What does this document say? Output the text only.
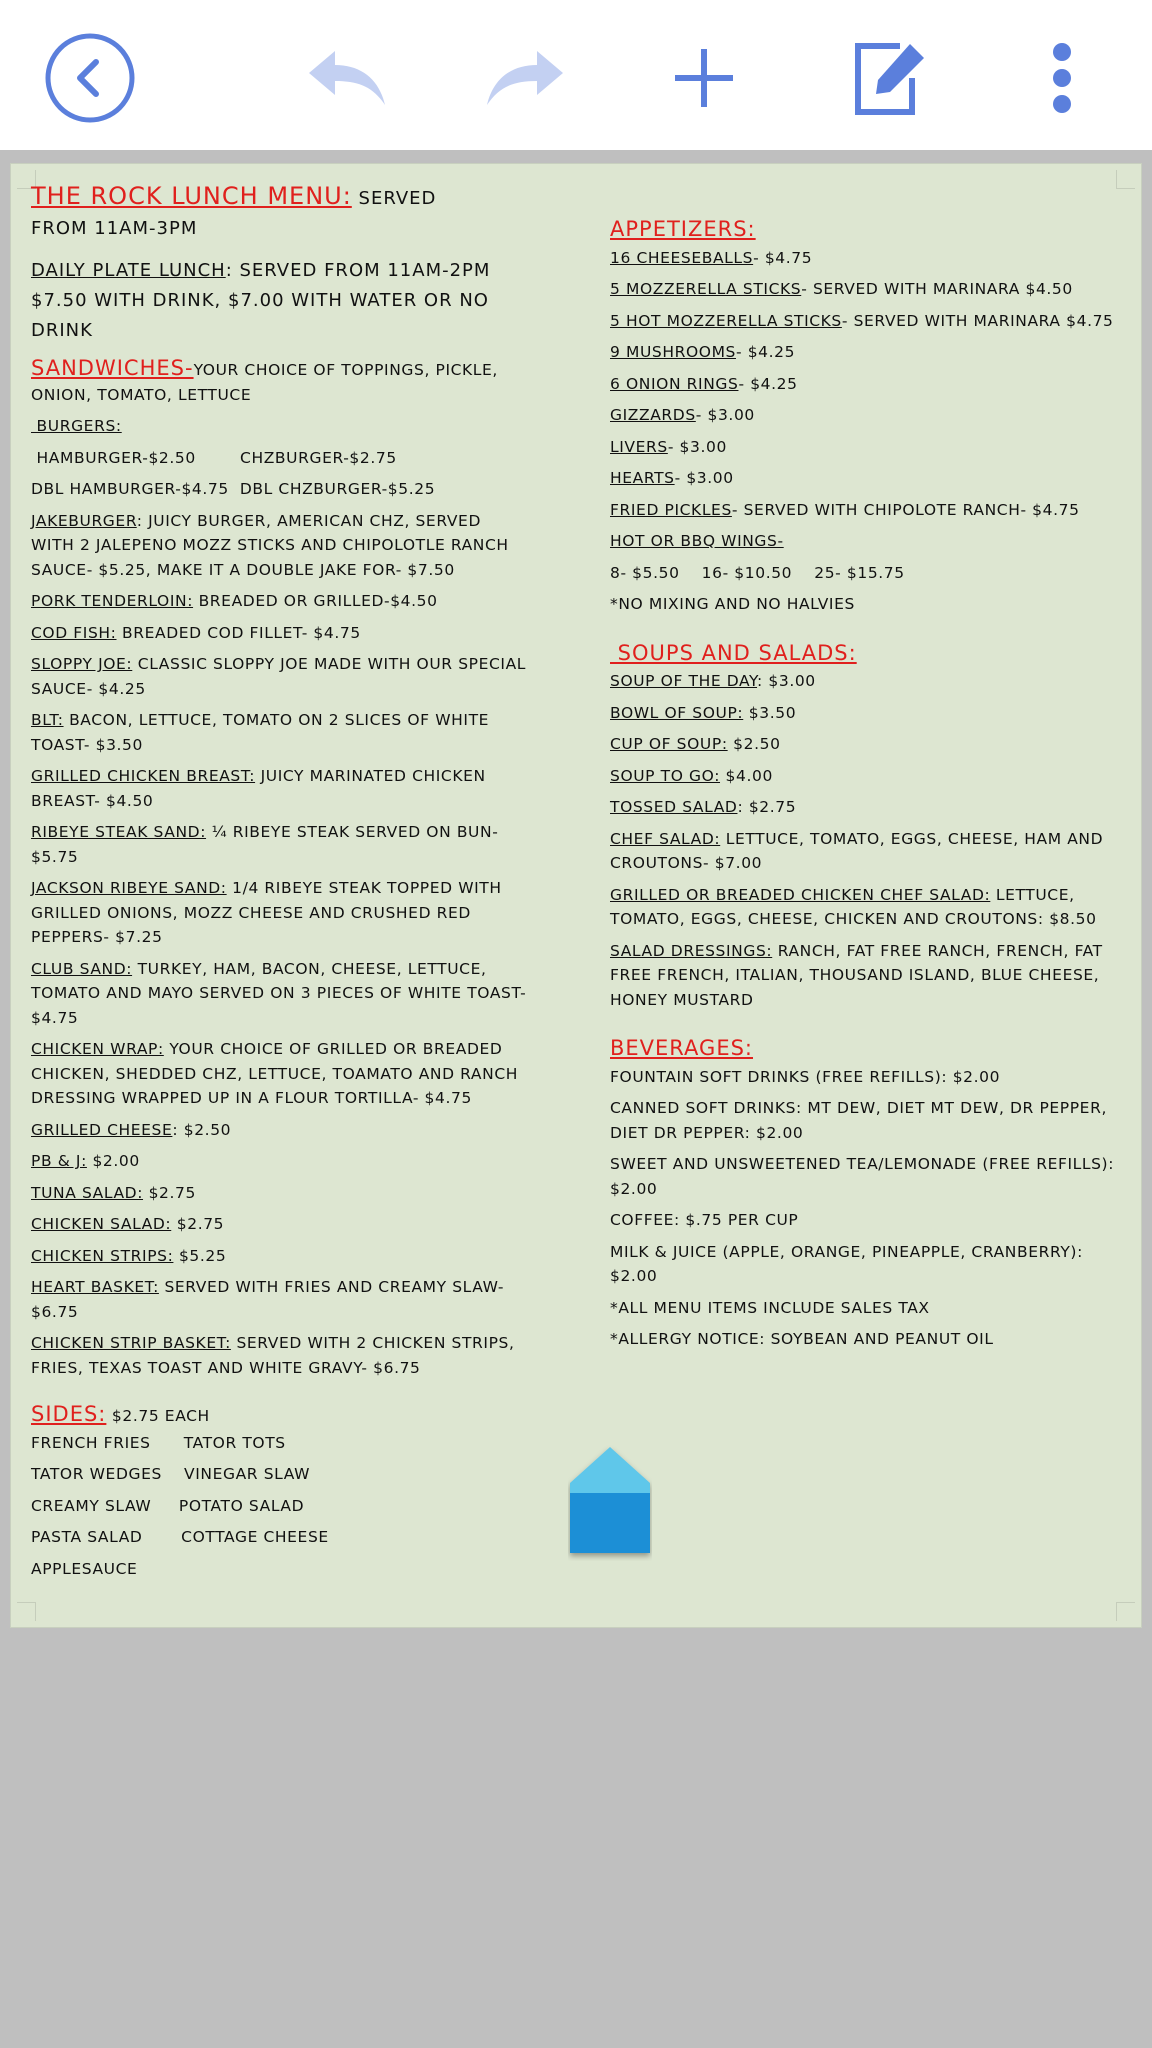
THE ROCK LUNCH MENU: SERVED
FROM 11AM-3PM
DAILY PLATE LUNCH: SERVED FROM 11AM-2PM
$7.50 WITH DRINK, $7.00 WITH WATER OR NO
DRINK
SANDWICHES-YOUR CHOICE OF TOPPINGS, PICKLE,
ONION, TOMATO, LETTUCE
BURGERS:
HAMBURGER-$2.50        CHZBURGER-$2.75
DBL HAMBURGER-$4.75  DBL CHZBURGER-$5.25
JAKEBURGER: JUICY BURGER, AMERICAN CHZ, SERVED
WITH 2 JALEPENO MOZZ STICKS AND CHIPOLOTLE RANCH
SAUCE- $5.25, MAKE IT A DOUBLE JAKE FOR- $7.50
PORK TENDERLOIN: BREADED OR GRILLED-$4.50
COD FISH: BREADED COD FILLET- $4.75
SLOPPY JOE: CLASSIC SLOPPY JOE MADE WITH OUR SPECIAL
SAUCE- $4.25
BLT: BACON, LETTUCE, TOMATO ON 2 SLICES OF WHITE
TOAST- $3.50
GRILLED CHICKEN BREAST: JUICY MARINATED CHICKEN
BREAST- $4.50
RIBEYE STEAK SAND: ¼ RIBEYE STEAK SERVED ON BUN-
$5.75
JACKSON RIBEYE SAND: 1/4 RIBEYE STEAK TOPPED WITH
GRILLED ONIONS, MOZZ CHEESE AND CRUSHED RED
PEPPERS- $7.25
CLUB SAND: TURKEY, HAM, BACON, CHEESE, LETTUCE,
TOMATO AND MAYO SERVED ON 3 PIECES OF WHITE TOAST-
$4.75
CHICKEN WRAP: YOUR CHOICE OF GRILLED OR BREADED
CHICKEN, SHEDDED CHZ, LETTUCE, TOAMATO AND RANCH
DRESSING WRAPPED UP IN A FLOUR TORTILLA- $4.75
GRILLED CHEESE: $2.50
PB & J: $2.00
TUNA SALAD: $2.75
CHICKEN SALAD: $2.75
CHICKEN STRIPS: $5.25
HEART BASKET: SERVED WITH FRIES AND CREAMY SLAW-
$6.75
CHICKEN STRIP BASKET: SERVED WITH 2 CHICKEN STRIPS,
FRIES, TEXAS TOAST AND WHITE GRAVY- $6.75
SIDES: $2.75 EACH
FRENCH FRIES      TATOR TOTS
TATOR WEDGES    VINEGAR SLAW
CREAMY SLAW     POTATO SALAD
PASTA SALAD       COTTAGE CHEESE
APPLESAUCE
APPETIZERS:
16 CHEESEBALLS- $4.75
5 MOZZERELLA STICKS- SERVED WITH MARINARA $4.50
5 HOT MOZZERELLA STICKS- SERVED WITH MARINARA $4.75
9 MUSHROOMS- $4.25
6 ONION RINGS- $4.25
GIZZARDS- $3.00
LIVERS- $3.00
HEARTS- $3.00
FRIED PICKLES- SERVED WITH CHIPOLOTE RANCH- $4.75
HOT OR BBQ WINGS-
8- $5.50    16- $10.50    25- $15.75
*NO MIXING AND NO HALVIES
SOUPS AND SALADS:
SOUP OF THE DAY: $3.00
BOWL OF SOUP: $3.50
CUP OF SOUP: $2.50
SOUP TO GO: $4.00
TOSSED SALAD: $2.75
CHEF SALAD: LETTUCE, TOMATO, EGGS, CHEESE, HAM AND
CROUTONS- $7.00
GRILLED OR BREADED CHICKEN CHEF SALAD: LETTUCE,
TOMATO, EGGS, CHEESE, CHICKEN AND CROUTONS: $8.50
SALAD DRESSINGS: RANCH, FAT FREE RANCH, FRENCH, FAT
FREE FRENCH, ITALIAN, THOUSAND ISLAND, BLUE CHEESE,
HONEY MUSTARD
BEVERAGES:
FOUNTAIN SOFT DRINKS (FREE REFILLS): $2.00
CANNED SOFT DRINKS: MT DEW, DIET MT DEW, DR PEPPER,
DIET DR PEPPER: $2.00
SWEET AND UNSWEETENED TEA/LEMONADE (FREE REFILLS):
$2.00
COFFEE: $.75 PER CUP
MILK & JUICE (APPLE, ORANGE, PINEAPPLE, CRANBERRY):
$2.00
*ALL MENU ITEMS INCLUDE SALES TAX
*ALLERGY NOTICE: SOYBEAN AND PEANUT OIL
